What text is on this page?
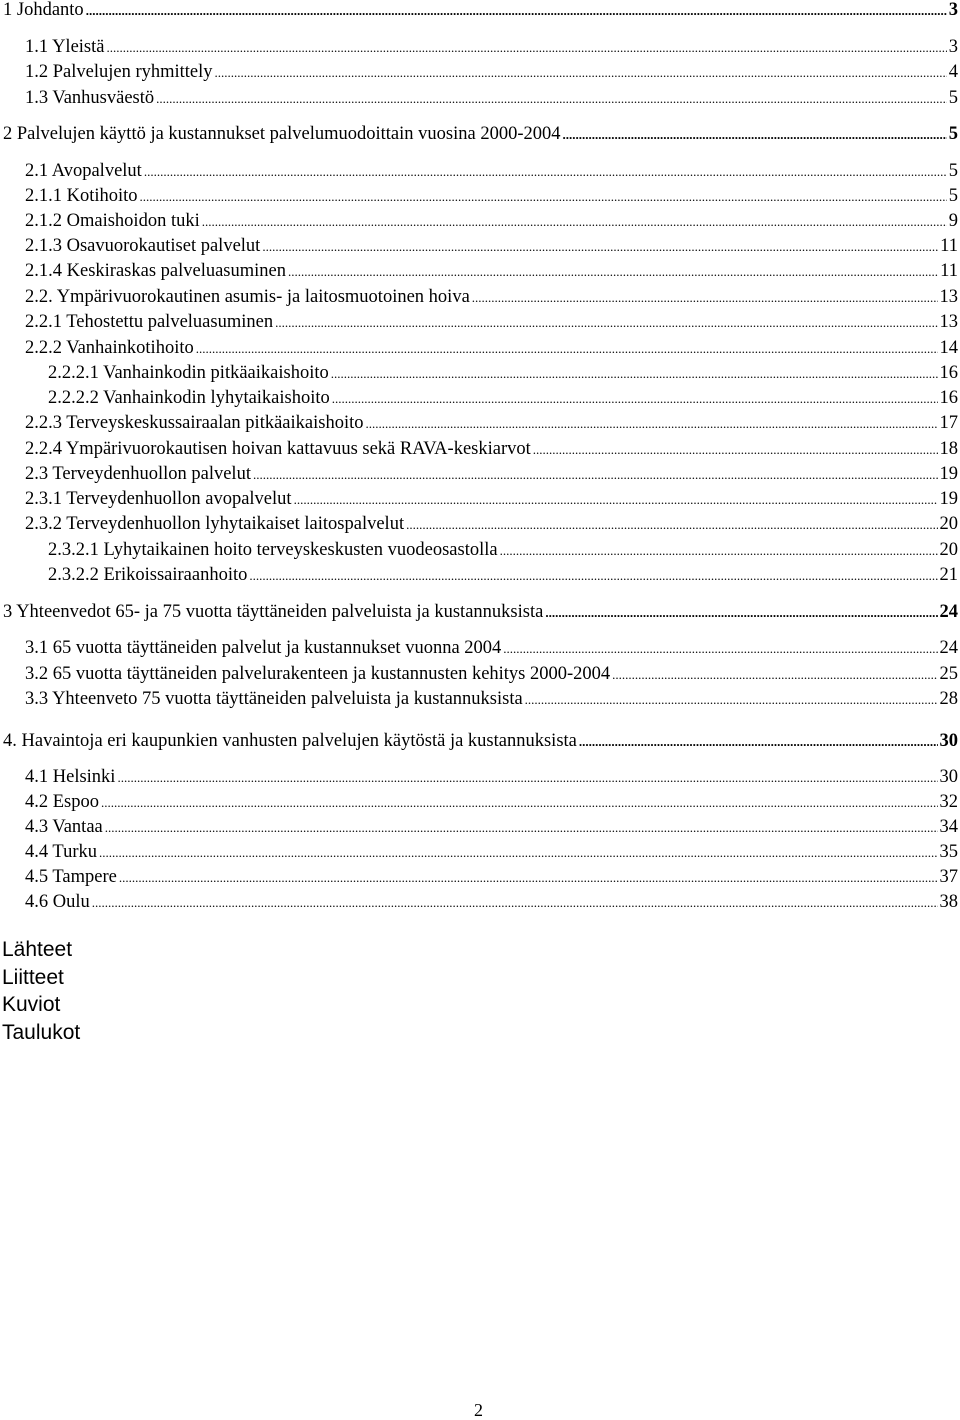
1 Johdanto .....	3
1.1 Yleistä .....	3
1.2 Palvelujen ryhmittely .....	4
1.3 Vanhusväestö .....	5
2 Palvelujen käyttö ja kustannukset palvelumuodoittain vuosina 2000-2004 .....	5
2.1 Avopalvelut .....	5
2.1.1 Kotihoito .....	5
2.1.2 Omaishoidon tuki .....	9
2.1.3 Osavuorokautiset palvelut .....	11
2.1.4 Keskiraskas palveluasuminen .....	11
2.2. Ympärivuorokautinen asumis- ja laitosmuotoinen hoiva .....	13
2.2.1 Tehostettu palveluasuminen .....	13
2.2.2 Vanhainkotihoito .....	14
2.2.2.1 Vanhainkodin pitkäaikaishoito .....	16
2.2.2.2 Vanhainkodin lyhytaikaishoito .....	16
2.2.3 Terveyskeskussairaalan pitkäaikaishoito .....	17
2.2.4 Ympärivuorokautisen hoivan kattavuus sekä RAVA-keskiarvot .....	18
2.3 Terveydenhuollon palvelut .....	19
2.3.1 Terveydenhuollon avopalvelut .....	19
2.3.2 Terveydenhuollon lyhytaikaiset laitospalvelut .....	20
2.3.2.1 Lyhytaikainen hoito terveyskeskusten vuodeosastolla .....	20
2.3.2.2 Erikoissairaanhoito .....	21
3 Yhteenvedot 65- ja 75 vuotta täyttäneiden palveluista ja kustannuksista .....	24
3.1 65 vuotta täyttäneiden palvelut ja kustannukset vuonna 2004 .....	24
3.2 65 vuotta täyttäneiden palvelurakenteen ja kustannusten kehitys 2000-2004 .....	25
3.3 Yhteenveto 75 vuotta täyttäneiden palveluista ja kustannuksista .....	28
4. Havaintoja eri kaupunkien vanhusten palvelujen käytöstä ja kustannuksista .....	30
4.1 Helsinki .....	30
4.2 Espoo .....	32
4.3 Vantaa .....	34
4.4 Turku .....	35
4.5 Tampere .....	37
4.6 Oulu .....	38
Lähteet
Liitteet
Kuviot
Taulukot
2
